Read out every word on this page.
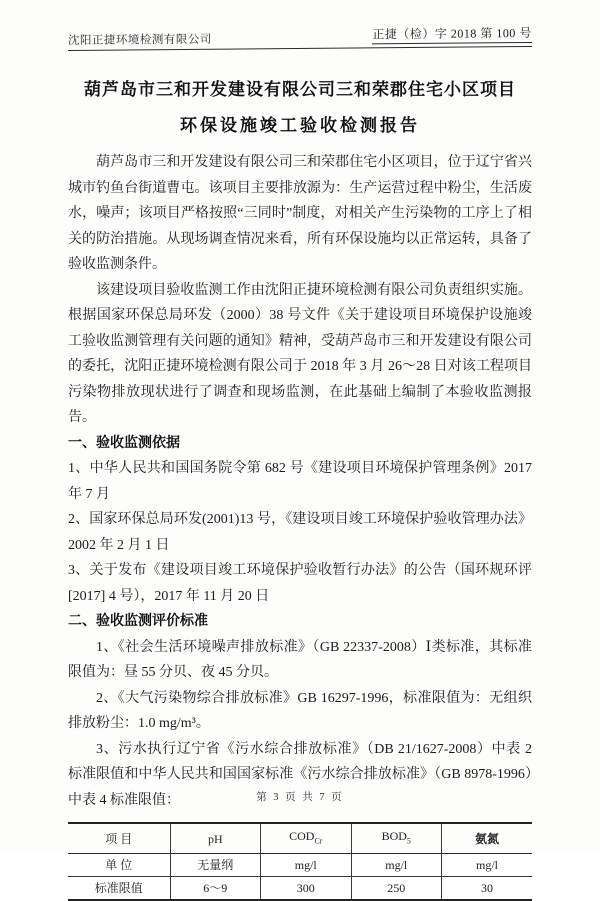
沈阳正捷环境检测有限公司	正捷（检）字 2018 第 100 号
葫芦岛市三和开发建设有限公司三和荣郡住宅小区项目
环保设施竣工验收检测报告

葫芦岛市三和开发建设有限公司三和荣郡住宅小区项目，位于辽宁省兴城市钓鱼台街道曹屯。该项目主要排放源为：生产运营过程中粉尘，生活废水，噪声；该项目严格按照“三同时”制度，对相关产生污染物的工序上了相关的防治措施。从现场调查情况来看，所有环保设施均以正常运转，具备了验收监测条件。

该建设项目验收监测工作由沈阳正捷环境检测有限公司负责组织实施。根据国家环保总局环发（2000）38 号文件《关于建设项目环境保护设施竣工验收监测管理有关问题的通知》精神，受葫芦岛市三和开发建设有限公司的委托，沈阳正捷环境检测有限公司于 2018 年 3 月 26～28 日对该工程项目污染物排放现状进行了调查和现场监测，在此基础上编制了本验收监测报告。

一、验收监测依据

1、中华人民共和国国务院令第 682 号《建设项目环境保护管理条例》2017 年 7 月

2、国家环保总局环发(2001)13 号，《建设项目竣工环境保护验收管理办法》2002 年 2 月 1 日

3、关于发布《建设项目竣工环境保护验收暂行办法》的公告（国环规环评[2017] 4 号），2017 年 11 月 20 日

二、验收监测评价标准

1、《社会生活环境噪声排放标准》（GB 22337-2008）Ⅰ类标准，其标准限值为：昼 55 分贝、夜 45 分贝。

2、《大气污染物综合排放标准》GB 16297-1996，标准限值为：无组织排放粉尘：1.0 mg/m³。

3、污水执行辽宁省《污水综合排放标准》（DB 21/1627-2008）中表 2 标准限值和中华人民共和国国家标准《污水综合排放标准》（GB 8978-1996）中表 4 标准限值：

项 目	pH	$COD_{Cr}$	$BOD_5$	氨氮
单 位	无量纲	mg/l	mg/l	mg/l
标准限值	6～9	300	250	30
第 3 页 共 7 页
